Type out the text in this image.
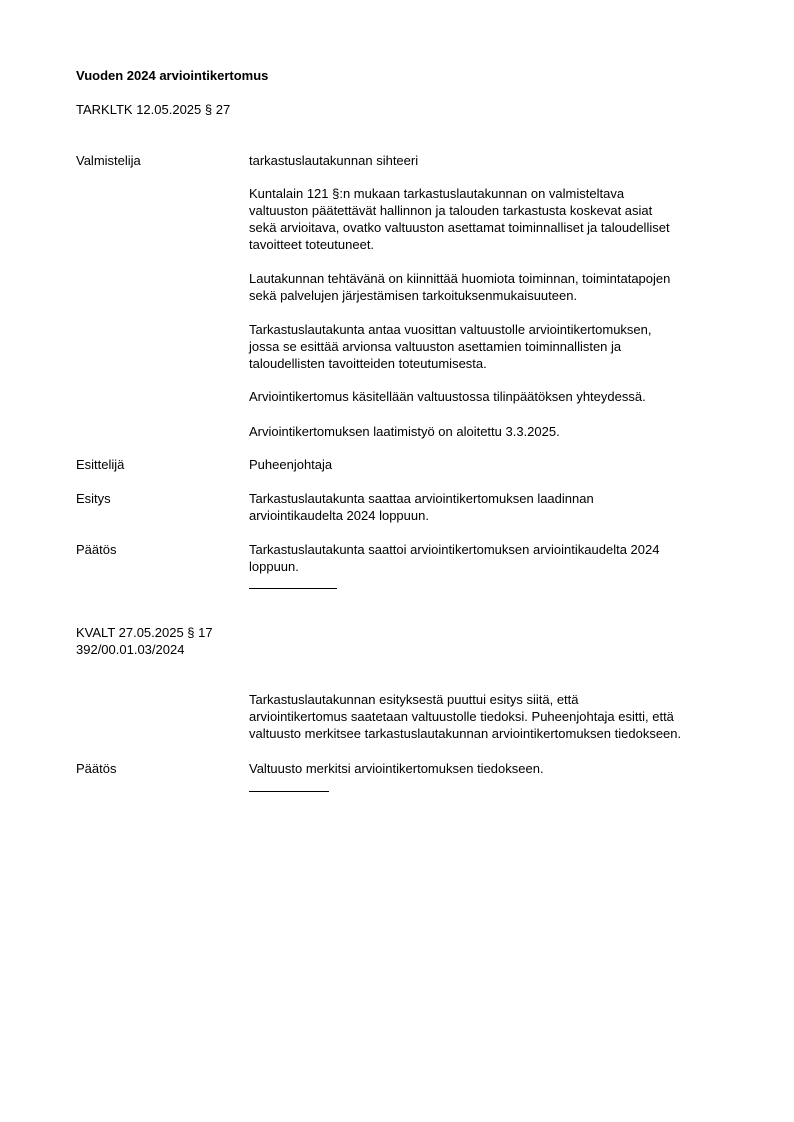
Vuoden 2024 arviointikertomus
TARKLTK 12.05.2025 § 27
Valmistelija	tarkastuslautakunnan sihteeri
Kuntalain 121 §:n mukaan tarkastuslautakunnan on valmisteltava
valtuuston päätettävät hallinnon ja talouden tarkastusta koskevat asiat
sekä arvioitava, ovatko valtuuston asettamat toiminnalliset ja taloudelliset
tavoitteet toteutuneet.
Lautakunnan tehtävänä on kiinnittää huomiota toiminnan, toimintatapojen
sekä palvelujen järjestämisen tarkoituksenmukaisuuteen.
Tarkastuslautakunta antaa vuosittan valtuustolle arviointikertomuksen,
jossa se esittää arvionsa valtuuston asettamien toiminnallisten ja
taloudellisten tavoitteiden toteutumisesta.
Arviointikertomus käsitellään valtuustossa tilinpäätöksen yhteydessä.
Arviointikertomuksen laatimistyö on aloitettu 3.3.2025.
Esittelijä	Puheenjohtaja
Esitys	Tarkastuslautakunta saattaa arviointikertomuksen laadinnan
arviointikaudelta 2024 loppuun.
Päätös	Tarkastuslautakunta saattoi arviointikertomuksen arviointikaudelta 2024
loppuun.
KVALT 27.05.2025 § 17
392/00.01.03/2024
Tarkastuslautakunnan esityksestä puuttui esitys siitä, että
arviointikertomus saatetaan valtuustolle tiedoksi. Puheenjohtaja esitti, että
valtuusto merkitsee tarkastuslautakunnan arviointikertomuksen tiedokseen.
Päätös	Valtuusto merkitsi arviointikertomuksen tiedokseen.
